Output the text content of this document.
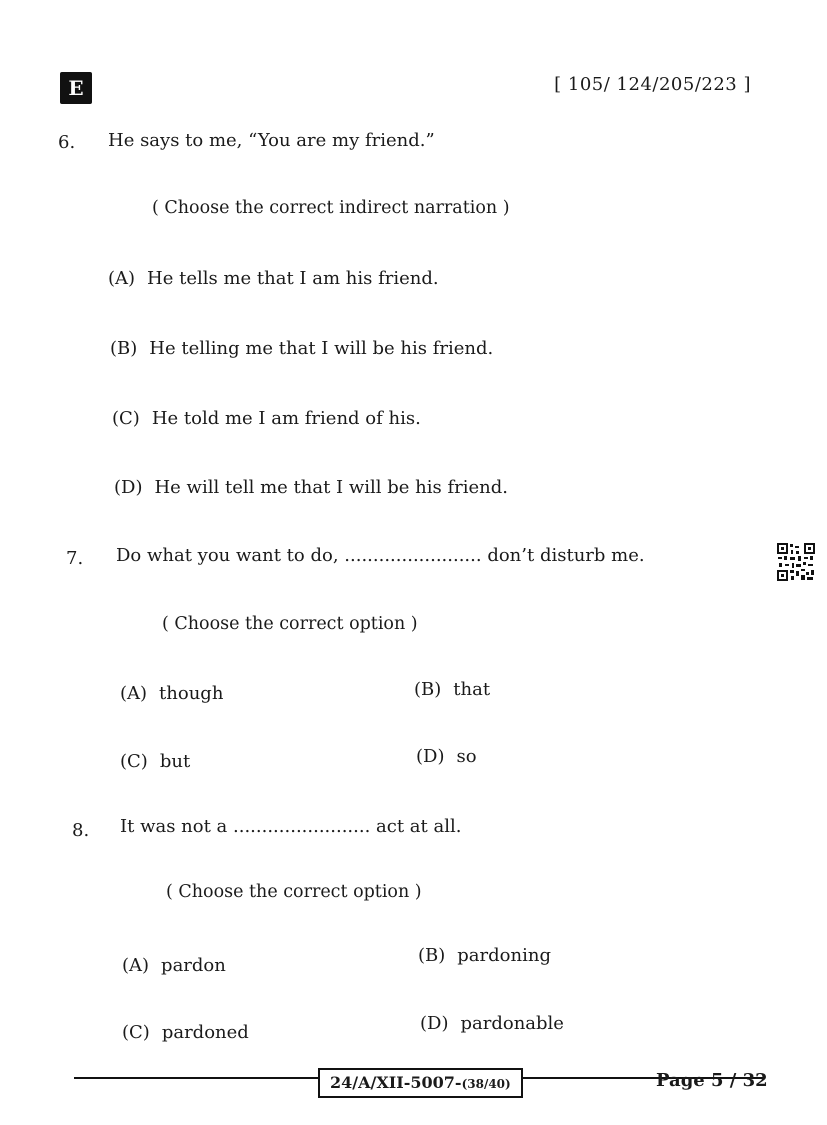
E	[ 105/ 124/205/223 ]
6. He says to me, “You are my friend.”
( Choose the correct indirect narration )
(A) He tells me that I am his friend.
(B) He telling me that I will be his friend.
(C) He told me I am friend of his.
(D) He will tell me that I will be his friend.
7. Do what you want to do, ........................ don’t disturb me.
( Choose the correct option )
(A) though	(B) that
(C) but	(D) so
8. It was not a ........................ act at all.
( Choose the correct option )
(A) pardon	(B) pardoning
(C) pardoned	(D) pardonable
24/A/XII-5007-(38/40)	Page 5 / 32
